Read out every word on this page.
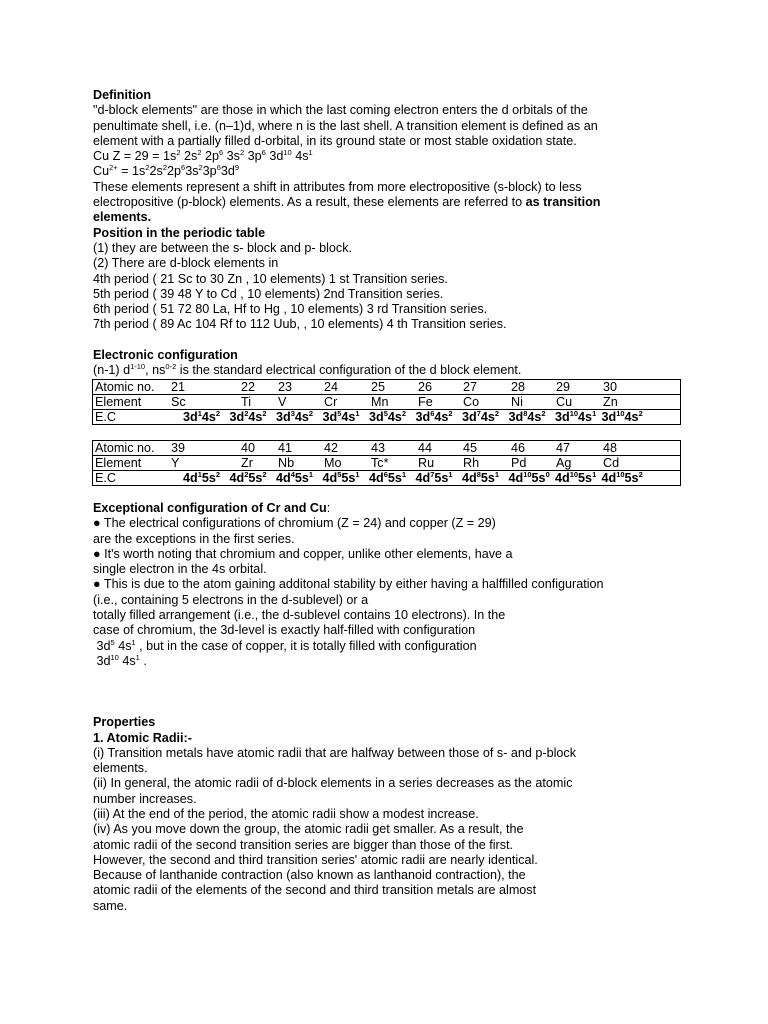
Definition

"d-block elements" are those in which the last coming electron enters the d orbitals of the

penultimate shell, i.e. (n–1)d, where n is the last shell. A transition element is defined as an

element with a partially filled d-orbital, in its ground state or most stable oxidation state.

Cu $Z = 29 = 1s^2$ $2s^2$ $2p^6$ $3s^2$ $3p^6$ $3d^{10}$ $4s^1$

$Cu^{2+} = 1s^22s^22p^63s^23p^63d^9$

These elements represent a shift in attributes from more electropositive (s-block) to less

electropositive (p-block) elements. As a result, these elements are referred to as transition

elements.

Position in the periodic table

(1) they are between the s- block and p- block.

(2) There are d-block elements in

4th period ( 21 Sc to 30 Zn , 10 elements) 1 st Transition series.

5th period ( 39 48 Y to Cd , 10 elements) 2nd Transition series.

6th period ( 51 72 80 La, Hf to Hg , 10 elements) 3 rd Transition series.

7th period ( 89 Ac 104 Rf to 112 Uub, , 10 elements) 4 th Transition series.

Electronic configuration

(n-1) $d^{1-10}$, $ns^{0-2}$ is the standard electrical configuration of the d block element.

Atomic no. 21	22 23	24	25	26 27	28 29	30

Element Sc	Ti V	Cr	Mn Fe Co	Ni	Cu Zn

E.C	$3d^14s^2$ $3d^24s^2$ $3d^34s^2$ $3d^54s^1$ $3d^54s^2$ $3d^64s^2$ $3d^74s^2$ $3d^84s^2$ $3d^{10}4s^1$ $3d^{10}4s^2$
Atomic no. 39	40 41	42	43	44 45	46 47	48

Element Y	Zr Nb Mo Tc* Ru Rh	Pd Ag	Cd

E.C	$4d^15s^2$ $4d^25s^2$ $4d^45s^1$ $4d^55s^1$ $4d^65s^1$ $4d^75s^1$ $4d^85s^1$ $4d^{10}5s^0$ $4d^{10}5s^1$ $4d^{10}5s^2$

Exceptional configuration of Cr and Cu:

● The electrical configurations of chromium (Z = 24) and copper (Z = 29)

are the exceptions in the first series.

● It's worth noting that chromium and copper, unlike other elements, have a

single electron in the 4s orbital.

● This is due to the atom gaining additonal stability by either having a halffilled configuration

(i.e., containing 5 electrons in the d-sublevel) or a

totally filled arrangement (i.e., the d-sublevel contains 10 electrons). In the

case of chromium, the 3d-level is exactly half-filled with configuration

$3d^5$ $4s^1$ , but in the case of copper, it is totally filled with configuration

$3d^{10}$ $4s^1$ .

Properties

1. Atomic Radii:-

(i) Transition metals have atomic radii that are halfway between those of s- and p-block

elements.

(ii) In general, the atomic radii of d-block elements in a series decreases as the atomic

number increases.

(iii) At the end of the period, the atomic radii show a modest increase.

(iv) As you move down the group, the atomic radii get smaller. As a result, the

atomic radii of the second transition series are bigger than those of the first.

However, the second and third transition series' atomic radii are nearly identical.

Because of lanthanide contraction (also known as lanthanoid contraction), the

atomic radii of the elements of the second and third transition metals are almost

same.
